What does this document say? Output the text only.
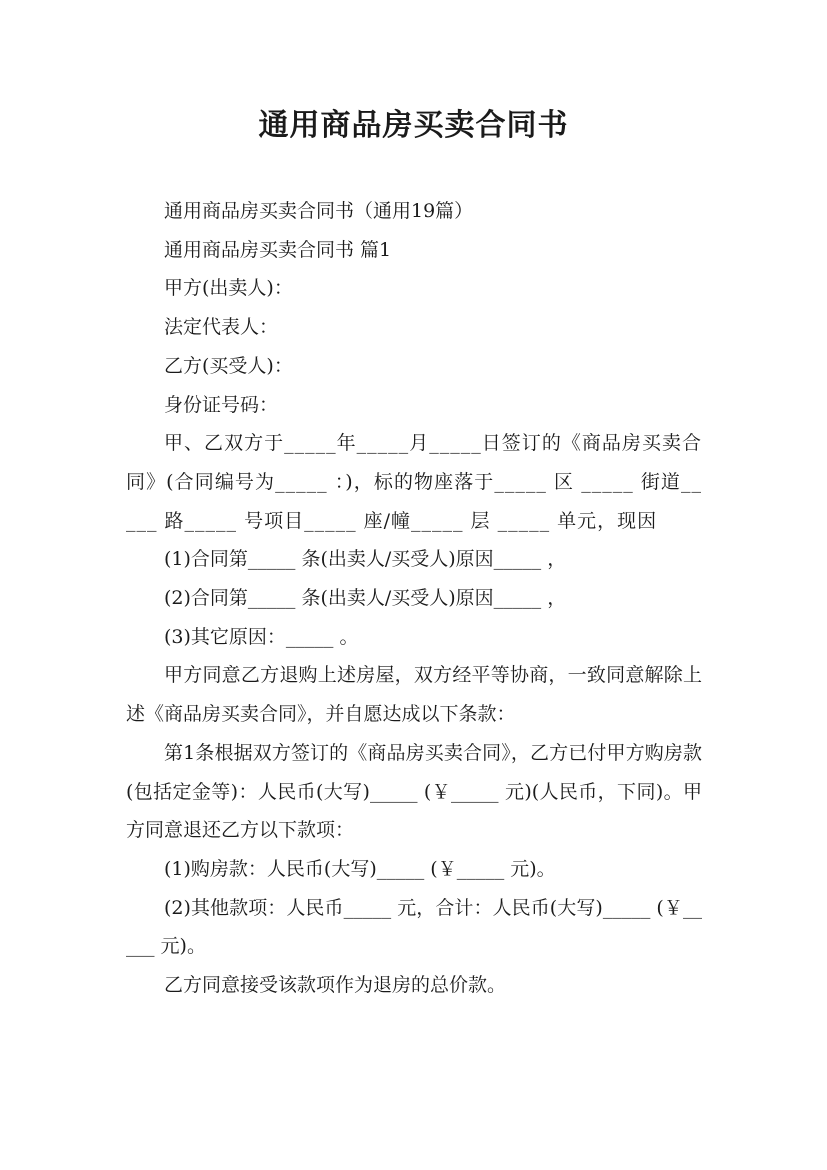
通用商品房买卖合同书

通用商品房买卖合同书（通用19篇）

通用商品房买卖合同书 篇1

甲方(出卖人)：

法定代表人：

乙方(买受人)：

身份证号码：

甲、乙双方于_____年_____月_____日签订的《商品房买卖合同》(合同编号为_____ ：)，标的物座落于_____ 区 _____ 街道_____ 路_____ 号项目_____ 座/幢_____ 层 _____ 单元，现因

(1)合同第_____ 条(出卖人/买受人)原因_____ ，

(2)合同第_____ 条(出卖人/买受人)原因_____ ，

(3)其它原因：_____ 。

甲方同意乙方退购上述房屋，双方经平等协商，一致同意解除上述《商品房买卖合同》，并自愿达成以下条款：

第1条根据双方签订的《商品房买卖合同》，乙方已付甲方购房款(包括定金等)：人民币(大写)_____ (￥_____ 元)(人民币，下同)。甲方同意退还乙方以下款项：

(1)购房款：人民币(大写)_____ (￥_____ 元)。

(2)其他款项：人民币_____ 元，合计：人民币(大写)_____ (￥_____ 元)。

乙方同意接受该款项作为退房的总价款。
